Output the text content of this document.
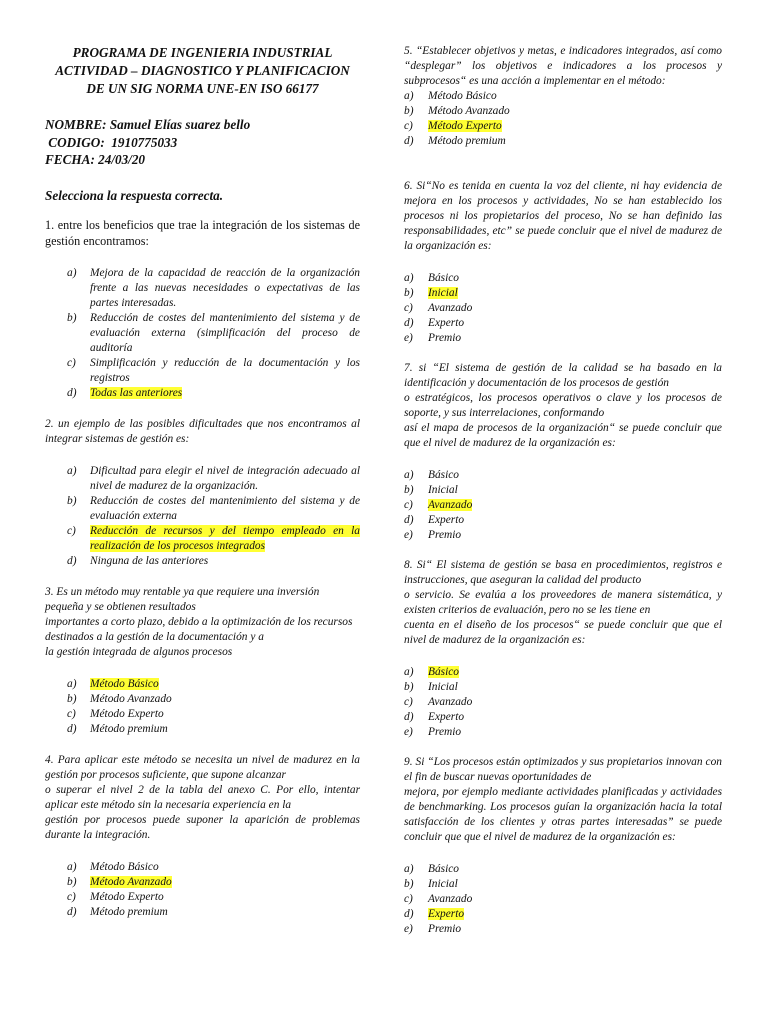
PROGRAMA DE INGENIERIA INDUSTRIAL
ACTIVIDAD – DIAGNOSTICO Y PLANIFICACION
DE UN SIG NORMA UNE-EN ISO 66177
NOMBRE: Samuel Elías suarez bello
CODIGO:  1910775033
FECHA: 24/03/20
Selecciona la respuesta correcta.

1. entre los beneficios que trae la integración de los sistemas de gestión encontramos:

a) Mejora de la capacidad de reacción de la organización frente a las nuevas necesidades o expectativas de las partes interesadas.
b) Reducción de costes del mantenimiento del sistema y de evaluación externa (simplificación del proceso de auditoría
c) Simplificación y reducción de la documentación y los registros
d) Todas las anteriores

2. un ejemplo de las posibles dificultades que nos encontramos al integrar sistemas de gestión es:

a) Dificultad para elegir el nivel de integración adecuado al nivel de madurez de la organización.
b) Reducción de costes del mantenimiento del sistema y de evaluación externa
c) Reducción de recursos y del tiempo empleado en la realización de los procesos integrados
d) Ninguna de las anteriores

3. Es un método muy rentable ya que requiere una inversión pequeña y se obtienen resultados
importantes a corto plazo, debido a la optimización de los recursos destinados a la gestión de la documentación y a
la gestión integrada de algunos procesos

a) Método Básico
b) Método Avanzado
c) Método Experto
d) Método premium

4. Para aplicar este método se necesita un nivel de madurez en la gestión por procesos suficiente, que supone alcanzar
o superar el nivel 2 de la tabla del anexo C. Por ello, intentar aplicar este método sin la necesaria experiencia en la
gestión por procesos puede suponer la aparición de problemas durante la integración.

a) Método Básico
b) Método Avanzado
c) Método Experto
d) Método premium

5. “Establecer objetivos y metas, e indicadores integrados, así como “desplegar” los objetivos e indicadores a los procesos y subprocesos“ es una acción a implementar en el método:

a) Método Básico
b) Método Avanzado
c) Método Experto
d) Método premium

6. Si“No es tenida en cuenta la voz del cliente, ni hay evidencia de mejora en los procesos y actividades, No se han establecido los procesos ni los propietarios del proceso, No se han definido las responsabilidades, etc” se puede concluir que el nivel de madurez de la organización es:

a) Básico
b) Inicial
c) Avanzado
d) Experto
e) Premio

7. si “El sistema de gestión de la calidad se ha basado en la identificación y documentación de los procesos de gestión
o estratégicos, los procesos operativos o clave y los procesos de soporte, y sus interrelaciones, conformando
así el mapa de procesos de la organización“ se puede concluir que que el nivel de madurez de la organización es:

a) Básico
b) Inicial
c) Avanzado
d) Experto
e) Premio

8. Si“ El sistema de gestión se basa en procedimientos, registros e instrucciones, que aseguran la calidad del producto
o servicio. Se evalúa a los proveedores de manera sistemática, y existen criterios de evaluación, pero no se les tiene en
cuenta en el diseño de los procesos“ se puede concluir que que el nivel de madurez de la organización es:

a) Básico
b) Inicial
c) Avanzado
d) Experto
e) Premio

9. Si “Los procesos están optimizados y sus propietarios innovan con el fin de buscar nuevas oportunidades de
mejora, por ejemplo mediante actividades planificadas y actividades de benchmarking. Los procesos guían la organización hacia la total satisfacción de los clientes y otras partes interesadas” se puede concluir que que el nivel de madurez de la organización es:

a) Básico
b) Inicial
c) Avanzado
d) Experto
e) Premio
